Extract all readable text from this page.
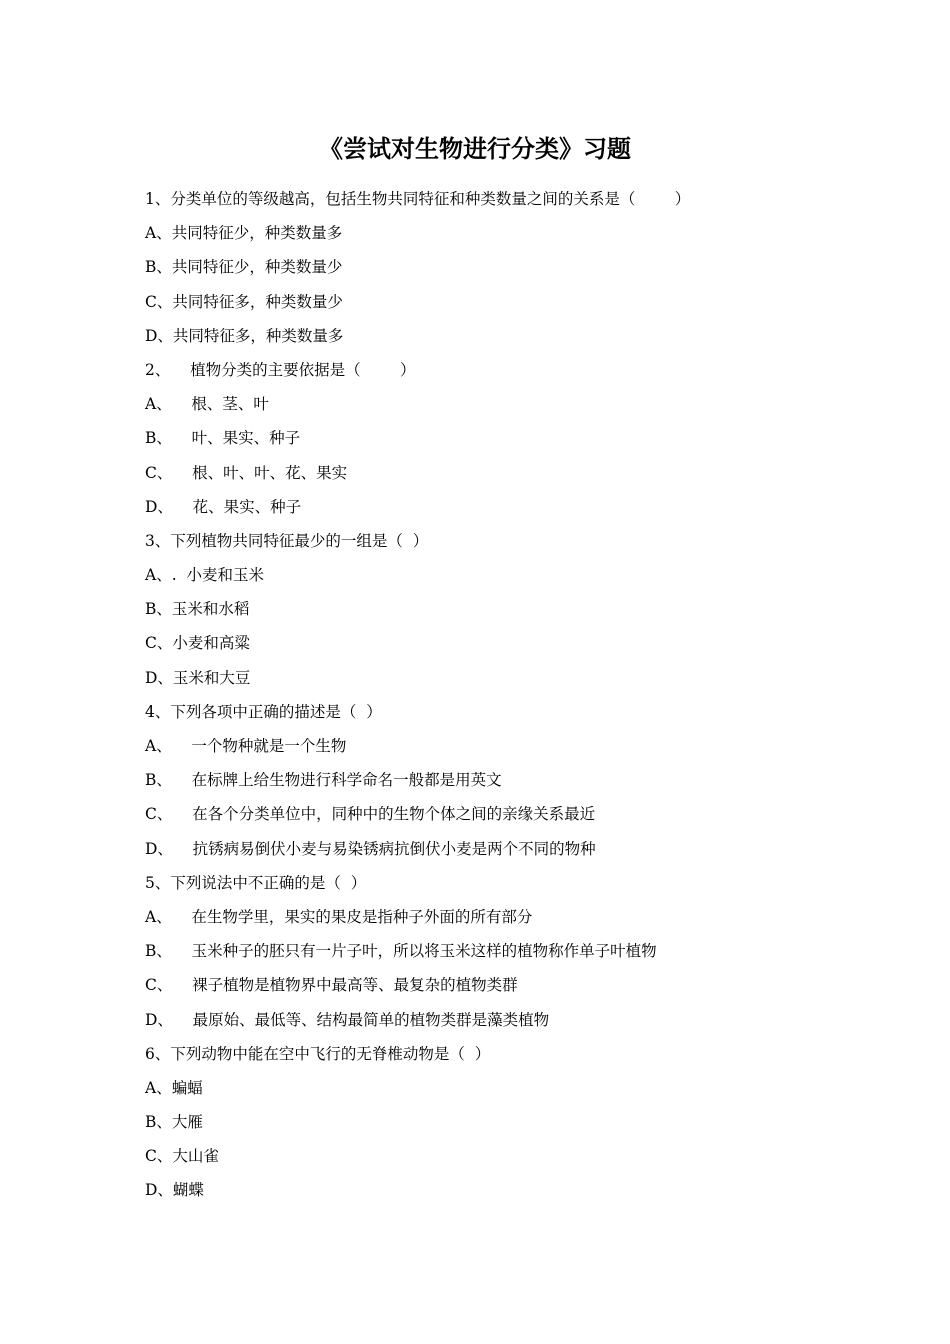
《尝试对生物进行分类》习题
1、分类单位的等级越高，包括生物共同特征和种类数量之间的关系是（        ）
A、共同特征少，种类数量多
B、共同特征少，种类数量少
C、共同特征多，种类数量少
D、共同特征多，种类数量多
2、    植物分类的主要依据是（        ）
A、    根、茎、叶
B、    叶、果实、种子
C、    根、叶、叶、花、果实
D、    花、果实、种子
3、下列植物共同特征最少的一组是（  ）
A、.  小麦和玉米
B、玉米和水稻
C、小麦和高粱
D、玉米和大豆
4、下列各项中正确的描述是（  ）
A、    一个物种就是一个生物
B、    在标牌上给生物进行科学命名一般都是用英文
C、    在各个分类单位中，同种中的生物个体之间的亲缘关系最近
D、    抗锈病易倒伏小麦与易染锈病抗倒伏小麦是两个不同的物种
5、下列说法中不正确的是（  ）
A、    在生物学里，果实的果皮是指种子外面的所有部分
B、    玉米种子的胚只有一片子叶，所以将玉米这样的植物称作单子叶植物
C、    裸子植物是植物界中最高等、最复杂的植物类群
D、    最原始、最低等、结构最简单的植物类群是藻类植物
6、下列动物中能在空中飞行的无脊椎动物是（  ）
A、蝙蝠
B、大雁
C、大山雀
D、蝴蝶
